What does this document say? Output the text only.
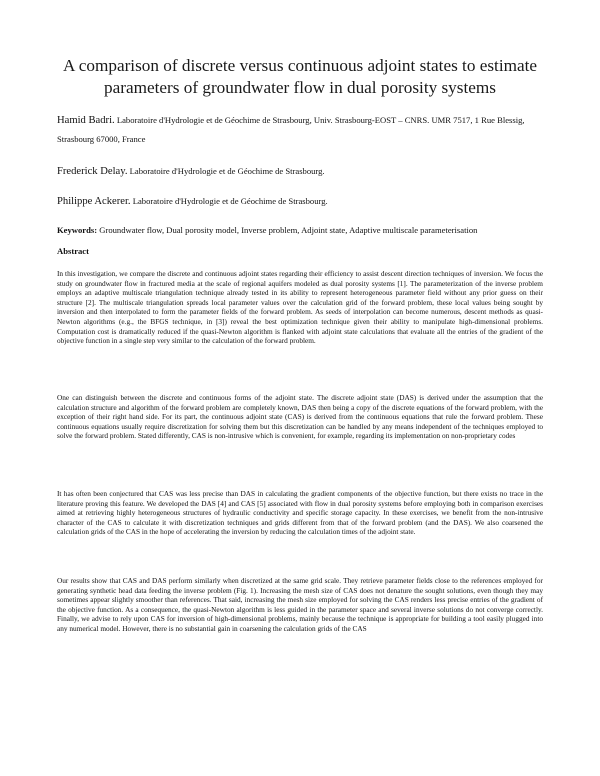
A comparison of discrete versus continuous adjoint states to estimate parameters of groundwater flow in dual porosity systems
Hamid Badri. Laboratoire d'Hydrologie et de Géochime de Strasbourg, Univ. Strasbourg-EOST – CNRS. UMR 7517, 1 Rue Blessig, Strasbourg 67000, France
Frederick Delay. Laboratoire d'Hydrologie et de Géochime de Strasbourg.
Philippe Ackerer. Laboratoire d'Hydrologie et de Géochime de Strasbourg.
Keywords: Groundwater flow, Dual porosity model, Inverse problem, Adjoint state, Adaptive multiscale parameterisation
Abstract

In this investigation, we compare the discrete and continuous adjoint states regarding their efficiency to assist descent direction techniques of inversion. We focus the study on groundwater flow in fractured media at the scale of regional aquifers modeled as dual porosity systems [1]. The parameterization of the inverse problem employs an adaptive multiscale triangulation technique already tested in its ability to represent heterogeneous parameter field without any prior guess on their structure [2]. The multiscale triangulation spreads local parameter values over the calculation grid of the forward problem, these local values being sought by inversion and then interpolated to form the parameter fields of the forward problem. As seeds of interpolation can become numerous, descent methods as quasi-Newton algorithms (e.g., the BFGS technique, in [3]) reveal the best optimization technique given their ability to manipulate high-dimensional problems. Computation cost is dramatically reduced if the quasi-Newton algorithm is flanked with adjoint state calculations that evaluate all the entries of the gradient of the objective function in a single step very similar to the calculation of the forward problem.

One can distinguish between the discrete and continuous forms of the adjoint state. The discrete adjoint state (DAS) is derived under the assumption that the calculation structure and algorithm of the forward problem are completely known, DAS then being a copy of the discrete equations of the forward problem, with the exception of their right hand side. For its part, the continuous adjoint state (CAS) is derived from the continuous equations that rule the forward problem. These continuous equations usually require discretization for solving them but this discretization can be handled by any means independent of the techniques employed to solve the forward problem. Stated differently, CAS is non-intrusive which is convenient, for example, regarding its implementation on non-proprietary codes

It has often been conjectured that CAS was less precise than DAS in calculating the gradient components of the objective function, but there exists no trace in the literature proving this feature. We developed the DAS [4] and CAS [5] associated with flow in dual porosity systems before employing both in comparison exercises aimed at retrieving highly heterogeneous structures of hydraulic conductivity and specific storage capacity. In these exercises, we benefit from the non-intrusive character of the CAS to calculate it with discretization techniques and grids different from that of the forward problem (and the DAS). We also coarsened the calculation grids of the CAS in the hope of accelerating the inversion by reducing the calculation times of the adjoint state.

Our results show that CAS and DAS perform similarly when discretized at the same grid scale. They retrieve parameter fields close to the references employed for generating synthetic head data feeding the inverse problem (Fig. 1). Increasing the mesh size of CAS does not denature the sought solutions, even though they may sometimes appear slightly smoother than references. That said, increasing the mesh size employed for solving the CAS renders less precise entries of the gradient of the objective function. As a consequence, the quasi-Newton algorithm is less guided in the parameter space and several inverse solutions do not converge correctly. Finally, we advise to rely upon CAS for inversion of high-dimensional problems, mainly because the technique is appropriate for building a tool easily plugged into any numerical model. However, there is no substantial gain in coarsening the calculation grids of the CAS
